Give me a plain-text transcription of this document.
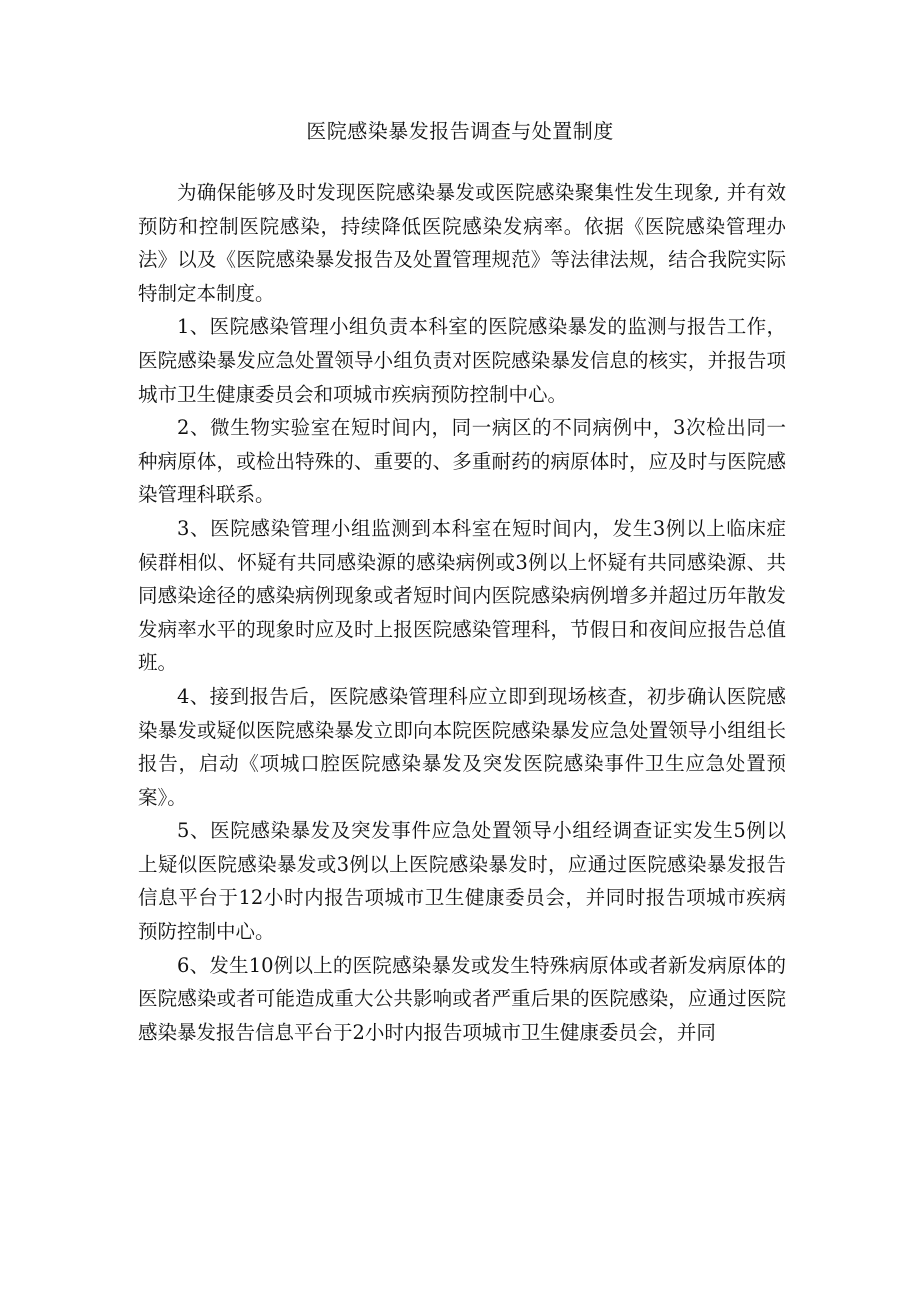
医院感染暴发报告调查与处置制度

为确保能够及时发现医院感染暴发或医院感染聚集性发生现象, 并有效预防和控制医院感染，持续降低医院感染发病率。依据《医院感染管理办法》以及《医院感染暴发报告及处置管理规范》等法律法规，结合我院实际特制定本制度。

1、医院感染管理小组负责本科室的医院感染暴发的监测与报告工作，医院感染暴发应急处置领导小组负责对医院感染暴发信息的核实，并报告项城市卫生健康委员会和项城市疾病预防控制中心。

2、微生物实验室在短时间内，同一病区的不同病例中，3次检出同一种病原体，或检出特殊的、重要的、多重耐药的病原体时，应及时与医院感染管理科联系。

3、医院感染管理小组监测到本科室在短时间内，发生3例以上临床症候群相似、怀疑有共同感染源的感染病例或3例以上怀疑有共同感染源、共同感染途径的感染病例现象或者短时间内医院感染病例增多并超过历年散发发病率水平的现象时应及时上报医院感染管理科，节假日和夜间应报告总值班。

4、接到报告后，医院感染管理科应立即到现场核查，初步确认医院感染暴发或疑似医院感染暴发立即向本院医院感染暴发应急处置领导小组组长报告，启动《项城口腔医院感染暴发及突发医院感染事件卫生应急处置预案》。

5、医院感染暴发及突发事件应急处置领导小组经调查证实发生5例以上疑似医院感染暴发或3例以上医院感染暴发时，应通过医院感染暴发报告信息平台于12小时内报告项城市卫生健康委员会，并同时报告项城市疾病预防控制中心。

6、发生10例以上的医院感染暴发或发生特殊病原体或者新发病原体的医院感染或者可能造成重大公共影响或者严重后果的医院感染，应通过医院感染暴发报告信息平台于2小时内报告项城市卫生健康委员会，并同
